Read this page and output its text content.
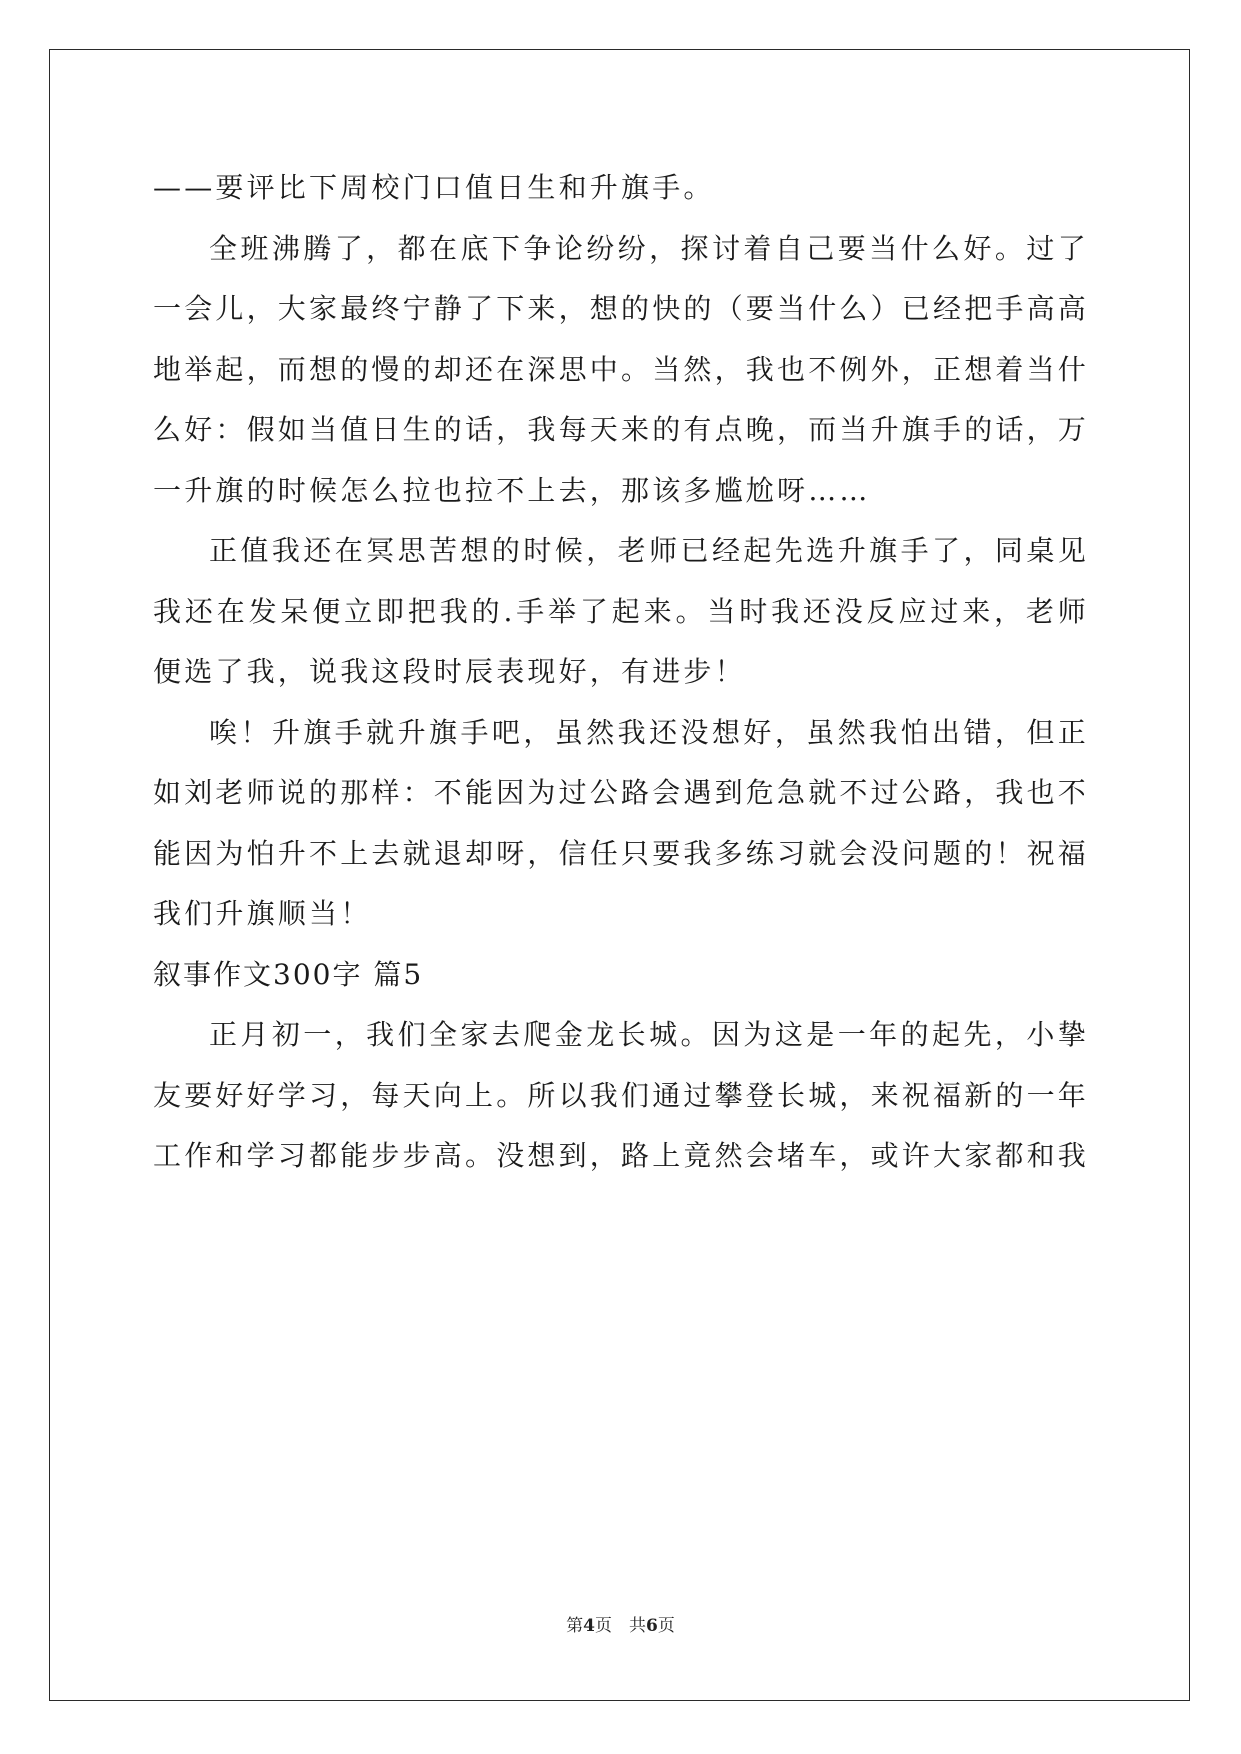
——要评比下周校门口值日生和升旗手。

全班沸腾了，都在底下争论纷纷，探讨着自己要当什么好。过了一会儿，大家最终宁静了下来，想的快的（要当什么）已经把手高高地举起，而想的慢的却还在深思中。当然，我也不例外，正想着当什么好：假如当值日生的话，我每天来的有点晚，而当升旗手的话，万一升旗的时候怎么拉也拉不上去，那该多尴尬呀……

正值我还在冥思苦想的时候，老师已经起先选升旗手了，同桌见我还在发呆便立即把我的.手举了起来。当时我还没反应过来，老师便选了我，说我这段时辰表现好，有进步！

唉！升旗手就升旗手吧，虽然我还没想好，虽然我怕出错，但正如刘老师说的那样：不能因为过公路会遇到危急就不过公路，我也不能因为怕升不上去就退却呀，信任只要我多练习就会没问题的！祝福我们升旗顺当！

叙事作文300字 篇5

正月初一，我们全家去爬金龙长城。因为这是一年的起先，小挚友要好好学习，每天向上。所以我们通过攀登长城，来祝福新的一年工作和学习都能步步高。没想到，路上竟然会堵车，或许大家都和我

第4页　共6页
